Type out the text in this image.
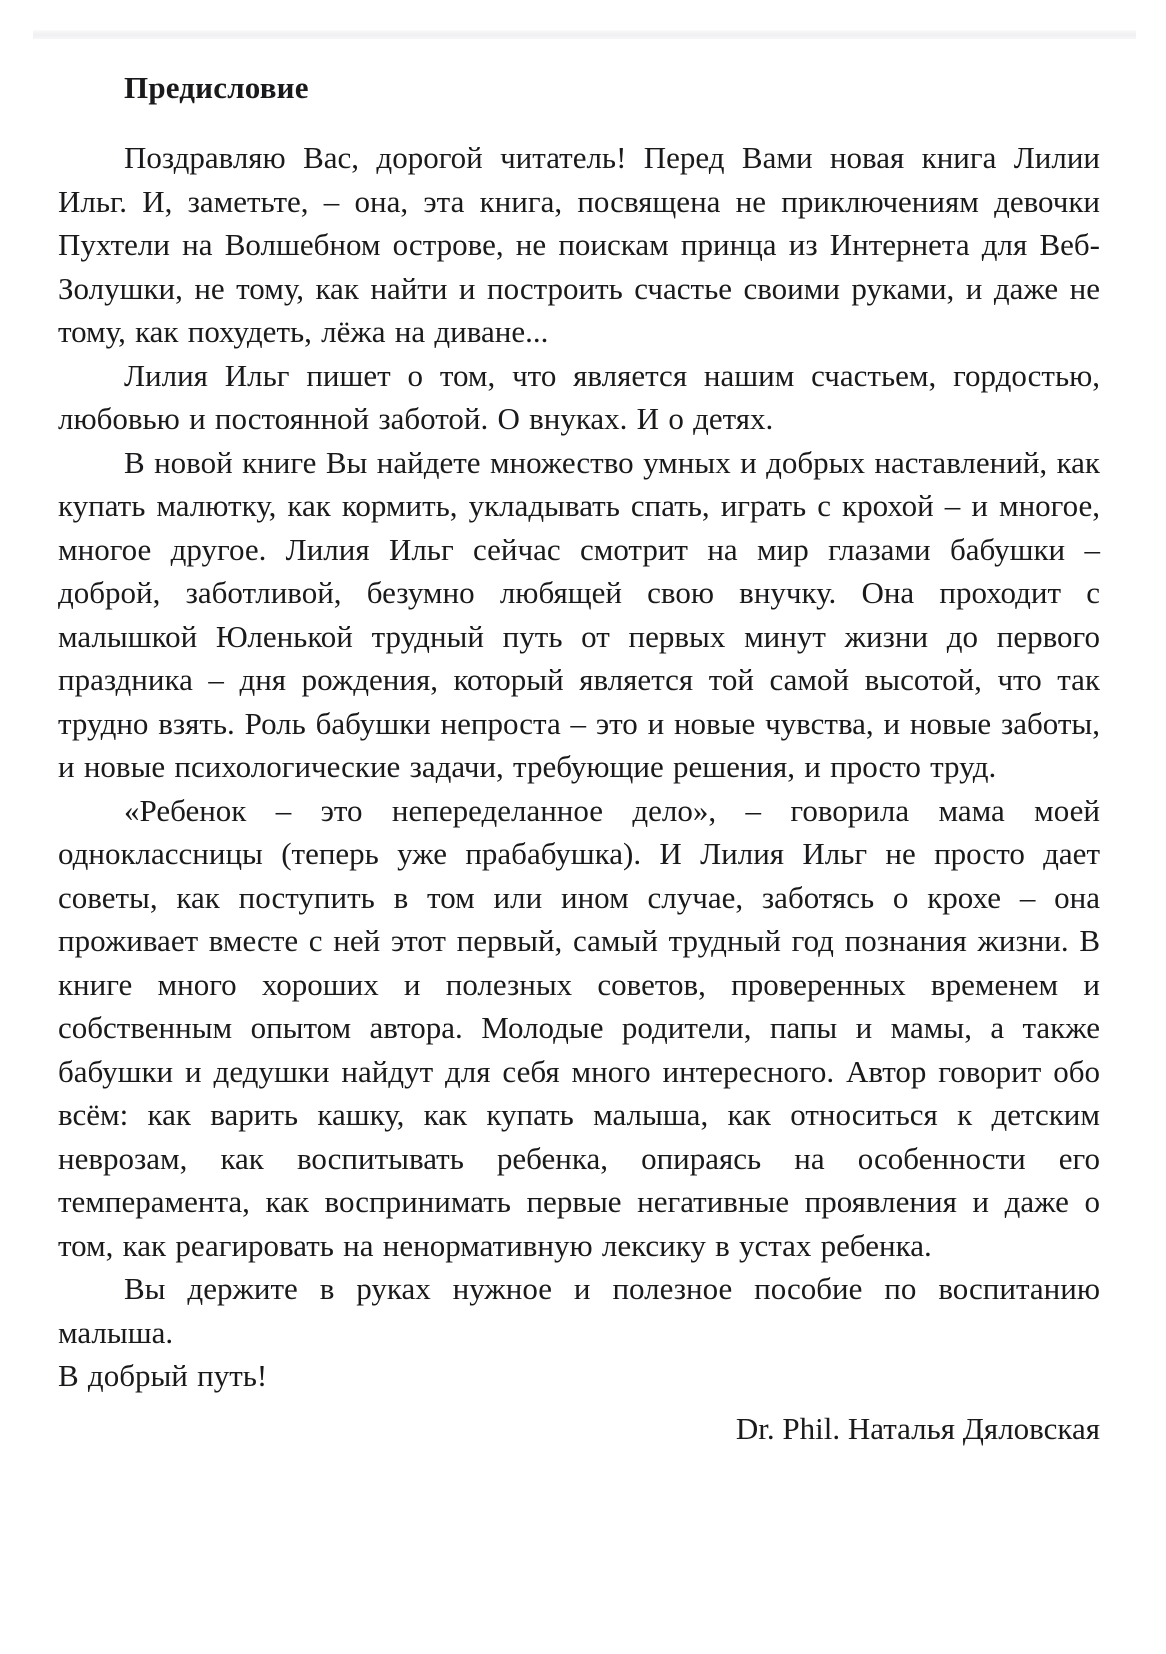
Предисловие

Поздравляю Вас, дорогой читатель! Перед Вами новая книга Лилии Ильг. И, заметьте, – она, эта книга, посвящена не приключениям девочки Пухтели на Волшебном острове, не поискам принца из Интернета для Веб-Золушки, не тому, как найти и построить счастье своими руками, и даже не тому, как похудеть, лёжа на диване...

Лилия Ильг пишет о том, что является нашим счастьем, гордостью, любовью и постоянной заботой. О внуках. И о детях.

В новой книге Вы найдете множество умных и добрых наставлений, как купать малютку, как кормить, укладывать спать, играть с крохой – и многое, многое другое. Лилия Ильг сейчас смотрит на мир глазами бабушки – доброй, заботливой, безумно любящей свою внучку. Она проходит с малышкой Юленькой трудный путь от первых минут жизни до первого праздника – дня рождения, который является той самой высотой, что так трудно взять. Роль бабушки непроста – это и новые чувства, и новые заботы, и новые психологические задачи, требующие решения, и просто труд.

«Ребенок – это непеределанное дело», – говорила мама моей одноклассницы (теперь уже прабабушка). И Лилия Ильг не просто дает советы, как поступить в том или ином случае, заботясь о крохе – она проживает вместе с ней этот первый, самый трудный год познания жизни. В книге много хороших и полезных советов, проверенных временем и собственным опытом автора. Молодые родители, папы и мамы, а также бабушки и дедушки найдут для себя много интересного. Автор говорит обо всём: как варить кашку, как купать малыша, как относиться к детским неврозам, как воспитывать ребенка, опираясь на особенности его темперамента, как воспринимать первые негативные проявления и даже о том, как реагировать на ненормативную лексику в устах ребенка.

Вы держите в руках нужное и полезное пособие по воспитанию малыша.

В добрый путь!

Dr. Phil. Наталья Дяловская
